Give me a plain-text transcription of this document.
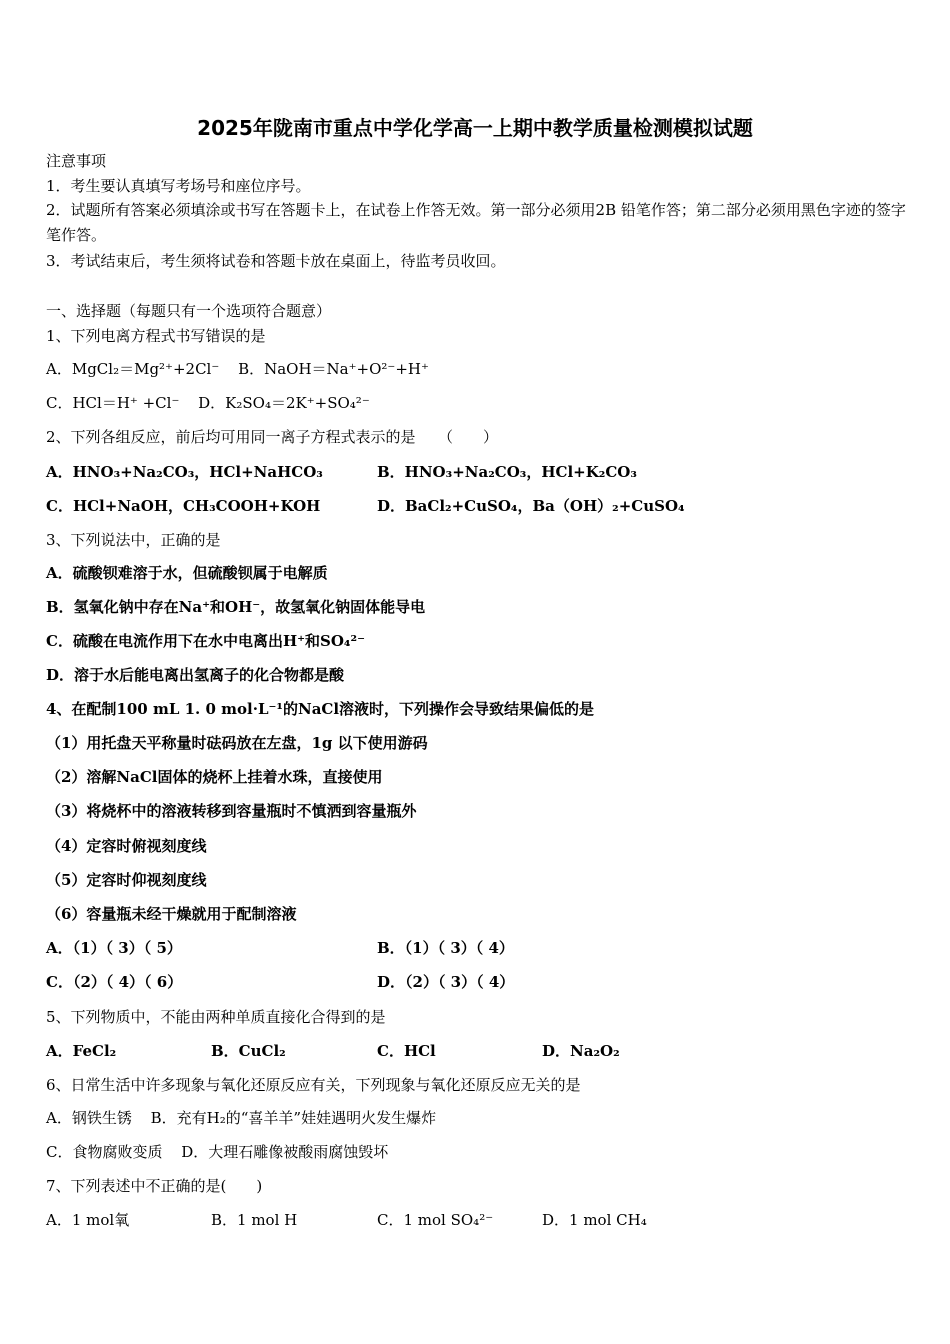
2025年陇南市重点中学化学高一上期中教学质量检测模拟试题
注意事项
1．考生要认真填写考场号和座位序号。
2．试题所有答案必须填涂或书写在答题卡上，在试卷上作答无效。第一部分必须用2B 铅笔作答；第二部分必须用黑色字迹的签字笔作答。
3．考试结束后，考生须将试卷和答题卡放在桌面上，待监考员收回。
一、选择题（每题只有一个选项符合题意）
1、下列电离方程式书写错误的是
A．MgCl₂＝Mg²⁺+2Cl⁻ B．NaOH＝Na⁺+O²⁻+H⁺
C．HCl＝H⁺ +Cl⁻ D．K₂SO₄＝2K⁺+SO₄²⁻
2、下列各组反应，前后均可用同一离子方程式表示的是　　（　　）
A．HNO₃+Na₂CO₃，HCl+NaHCO₃	B．HNO₃+Na₂CO₃，HCl+K₂CO₃
C．HCl+NaOH，CH₃COOH+KOH	D．BaCl₂+CuSO₄，Ba（OH）₂+CuSO₄
3、下列说法中，正确的是
A．硫酸钡难溶于水，但硫酸钡属于电解质
B．氢氧化钠中存在Na⁺和OH⁻，故氢氧化钠固体能导电
C．硫酸在电流作用下在水中电离出H⁺和SO₄²⁻
D．溶于水后能电离出氢离子的化合物都是酸
4、在配制100 mL 1. 0 mol·L⁻¹的NaCl溶液时，下列操作会导致结果偏低的是
（1）用托盘天平称量时砝码放在左盘，1g 以下使用游码
（2）溶解NaCl固体的烧杯上挂着水珠，直接使用
（3）将烧杯中的溶液转移到容量瓶时不慎洒到容量瓶外
（4）定容时俯视刻度线
（5）定容时仰视刻度线
（6）容量瓶未经干燥就用于配制溶液
A．（1）（ 3）（ 5）	B．（1）（ 3）（ 4）
C．（2）（ 4）（ 6）	D．（2）（ 3）（ 4）
5、下列物质中，不能由两种单质直接化合得到的是
A．FeCl₂	B．CuCl₂	C．HCl	D．Na₂O₂
6、日常生活中许多现象与氧化还原反应有关，下列现象与氧化还原反应无关的是
A．钢铁生锈 B．充有H₂的“喜羊羊”娃娃遇明火发生爆炸
C．食物腐败变质 D．大理石雕像被酸雨腐蚀毁坏
7、下列表述中不正确的是(　　)
A．1 mol氧	B．1 mol H	C．1 mol SO₄²⁻	D．1 mol CH₄
